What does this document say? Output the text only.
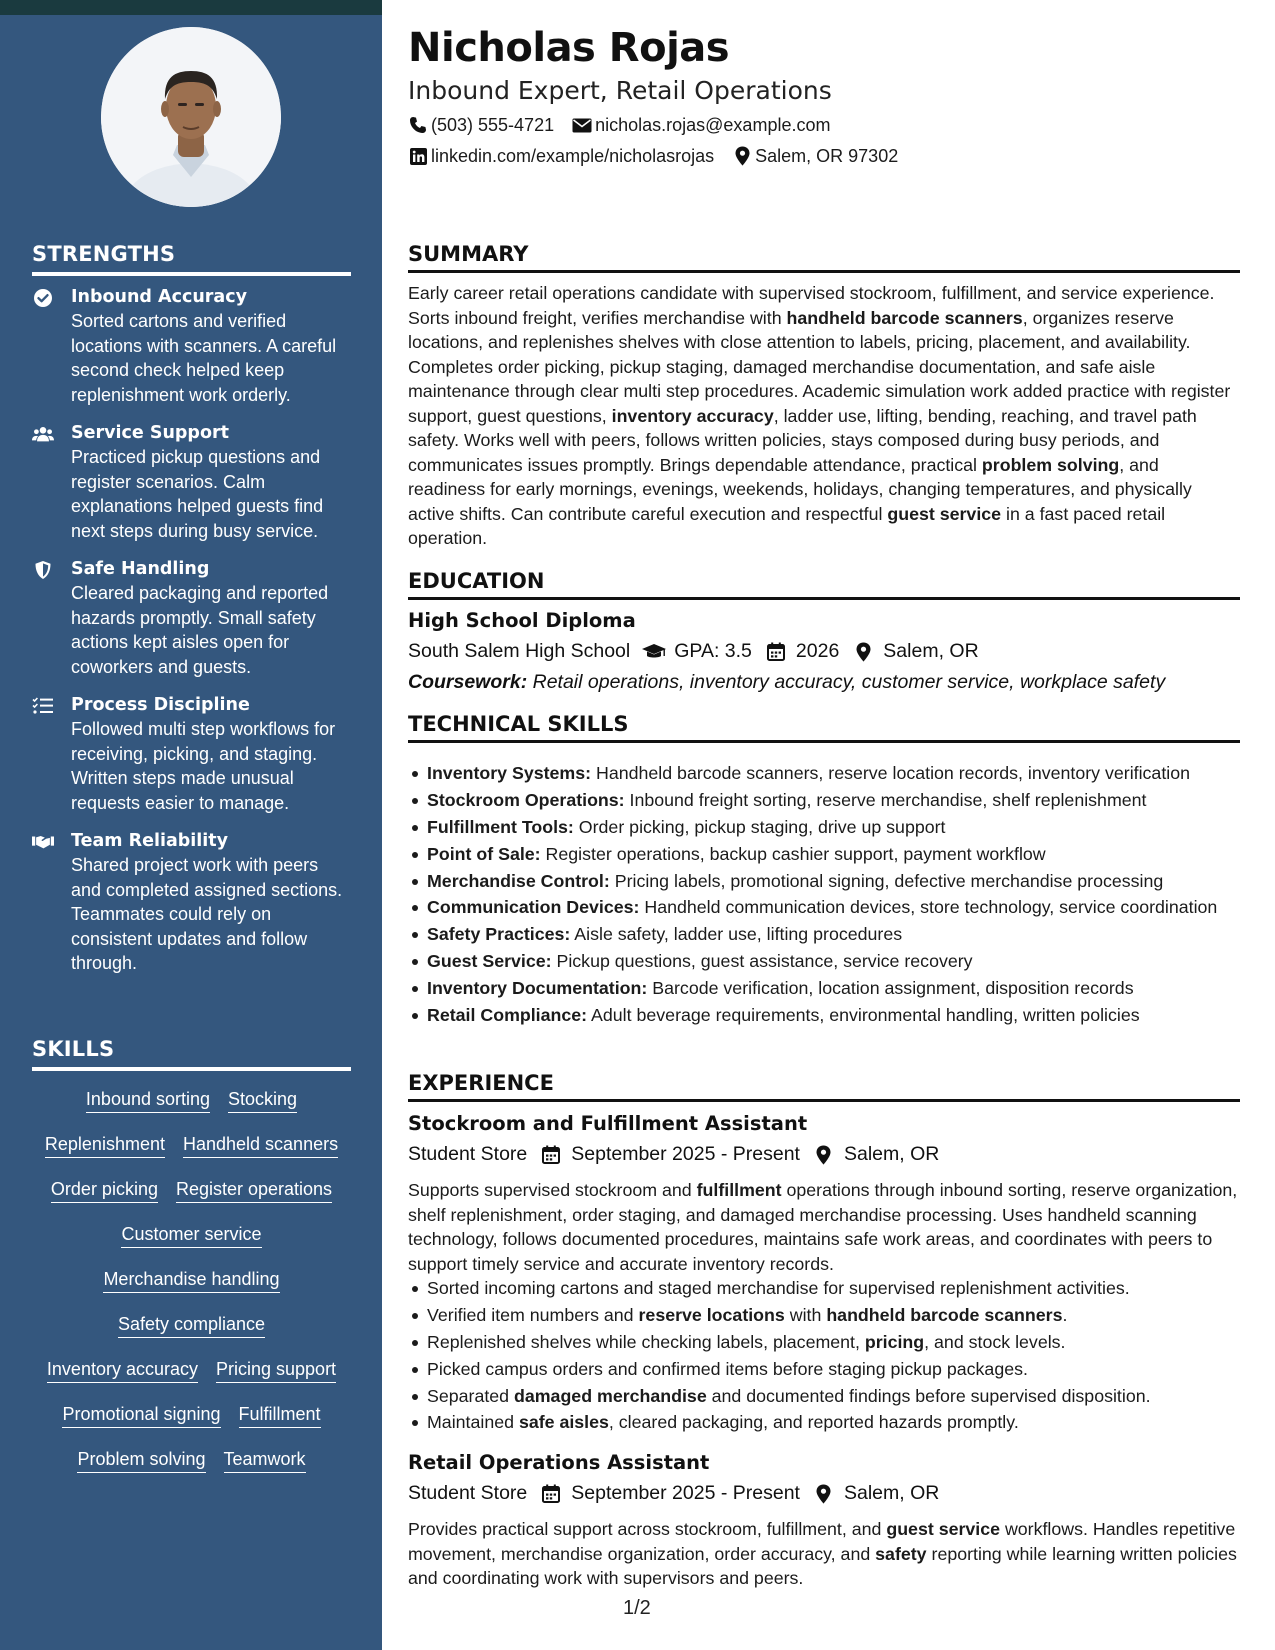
STRENGTHS
Inbound Accuracy
Sorted cartons and verified locations with scanners. A careful second check helped keep replenishment work orderly.
Service Support
Practiced pickup questions and register scenarios. Calm explanations helped guests find next steps during busy service.
Safe Handling
Cleared packaging and reported hazards promptly. Small safety actions kept aisles open for coworkers and guests.
Process Discipline
Followed multi step workflows for receiving, picking, and staging. Written steps made unusual requests easier to manage.
Team Reliability
Shared project work with peers and completed assigned sections. Teammates could rely on consistent updates and follow through.
SKILLS
Inbound sorting Stocking
Replenishment Handheld scanners
Order picking Register operations
Customer service
Merchandise handling
Safety compliance
Inventory accuracy Pricing support
Promotional signing Fulfillment
Problem solving Teamwork
Nicholas Rojas
Inbound Expert, Retail Operations
(503) 555-4721 nicholas.rojas@example.com
linkedin.com/example/nicholasrojas Salem, OR 97302
SUMMARY
Early career retail operations candidate with supervised stockroom, fulfillment, and service experience. Sorts inbound freight, verifies merchandise with handheld barcode scanners, organizes reserve locations, and replenishes shelves with close attention to labels, pricing, placement, and availability. Completes order picking, pickup staging, damaged merchandise documentation, and safe aisle maintenance through clear multi step procedures. Academic simulation work added practice with register support, guest questions, inventory accuracy, ladder use, lifting, bending, reaching, and travel path safety. Works well with peers, follows written policies, stays composed during busy periods, and communicates issues promptly. Brings dependable attendance, practical problem solving, and readiness for early mornings, evenings, weekends, holidays, changing temperatures, and physically active shifts. Can contribute careful execution and respectful guest service in a fast paced retail operation.
EDUCATION
High School Diploma
South Salem High School GPA: 3.5 2026 Salem, OR
Coursework: Retail operations, inventory accuracy, customer service, workplace safety
TECHNICAL SKILLS
Inventory Systems: Handheld barcode scanners, reserve location records, inventory verification
Stockroom Operations: Inbound freight sorting, reserve merchandise, shelf replenishment
Fulfillment Tools: Order picking, pickup staging, drive up support
Point of Sale: Register operations, backup cashier support, payment workflow
Merchandise Control: Pricing labels, promotional signing, defective merchandise processing
Communication Devices: Handheld communication devices, store technology, service coordination
Safety Practices: Aisle safety, ladder use, lifting procedures
Guest Service: Pickup questions, guest assistance, service recovery
Inventory Documentation: Barcode verification, location assignment, disposition records
Retail Compliance: Adult beverage requirements, environmental handling, written policies
EXPERIENCE
Stockroom and Fulfillment Assistant
Student Store September 2025 - Present Salem, OR
Supports supervised stockroom and fulfillment operations through inbound sorting, reserve organization, shelf replenishment, order staging, and damaged merchandise processing. Uses handheld scanning technology, follows documented procedures, maintains safe work areas, and coordinates with peers to support timely service and accurate inventory records.
Sorted incoming cartons and staged merchandise for supervised replenishment activities.
Verified item numbers and reserve locations with handheld barcode scanners.
Replenished shelves while checking labels, placement, pricing, and stock levels.
Picked campus orders and confirmed items before staging pickup packages.
Separated damaged merchandise and documented findings before supervised disposition.
Maintained safe aisles, cleared packaging, and reported hazards promptly.
Retail Operations Assistant
Student Store September 2025 - Present Salem, OR
Provides practical support across stockroom, fulfillment, and guest service workflows. Handles repetitive movement, merchandise organization, order accuracy, and safety reporting while learning written policies and coordinating work with supervisors and peers.
1/2
